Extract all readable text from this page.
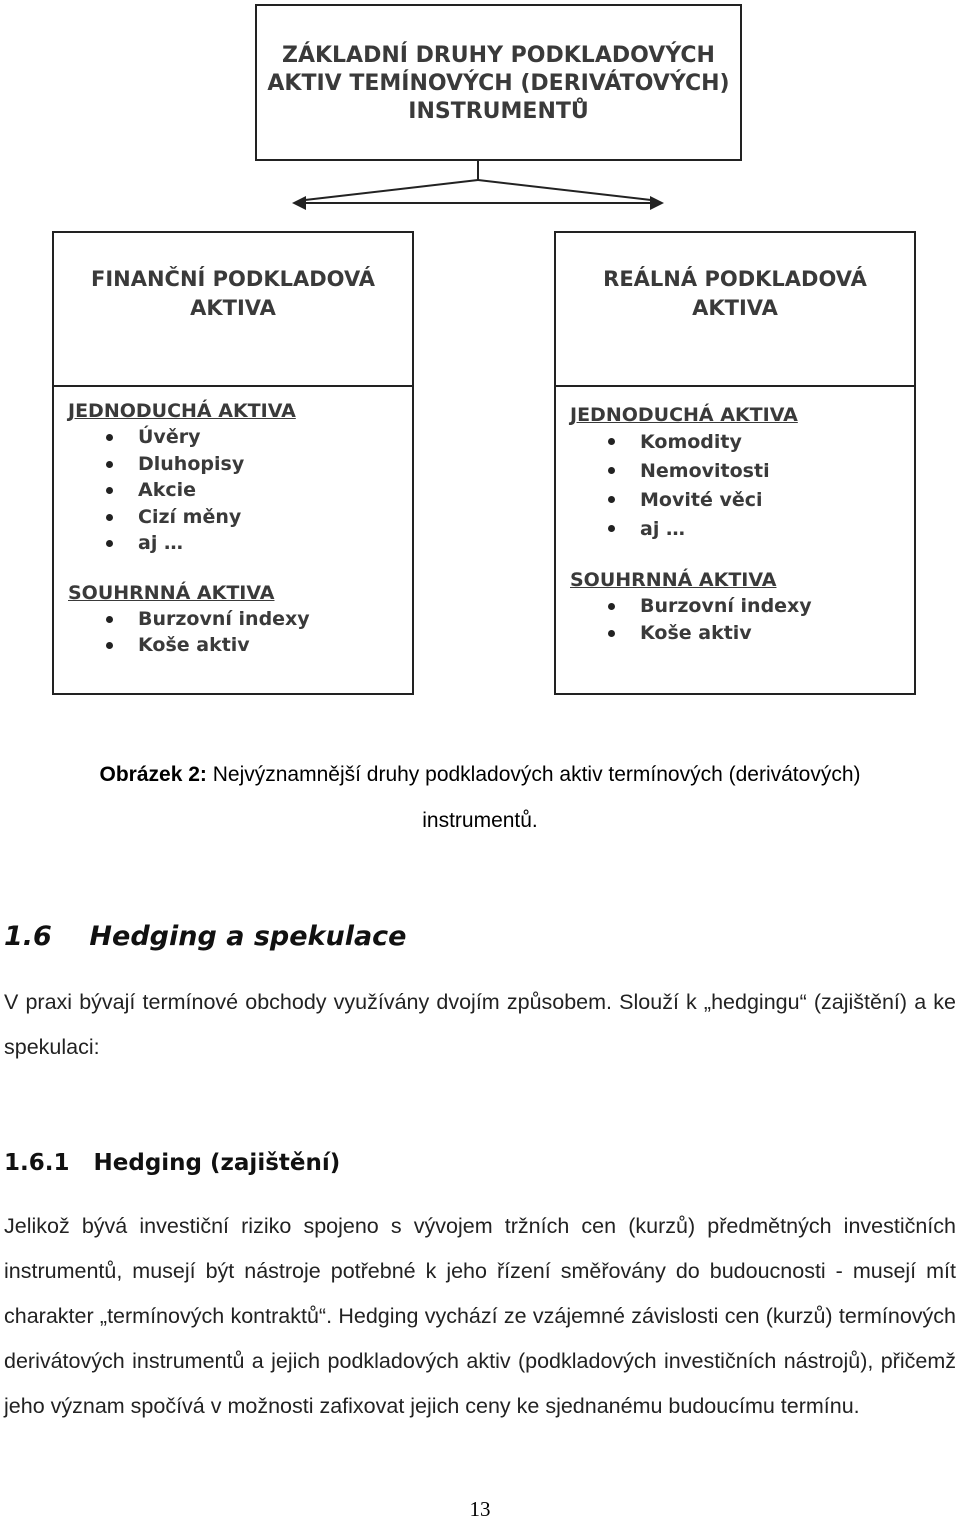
ZÁKLADNÍ DRUHY PODKLADOVÝCH
AKTIV TEMÍNOVÝCH (DERIVÁTOVÝCH)
INSTRUMENTŮ
FINANČNÍ PODKLADOVÁ
AKTIVA

JEDNODUCHÁ AKTIVA

Úvěry
Dluhopisy
Akcie
Cizí měny
aj …

SOUHRNNÁ AKTIVA

Burzovní indexy
Koše aktiv
REÁLNÁ PODKLADOVÁ
AKTIVA

JEDNODUCHÁ AKTIVA

Komodity
Nemovitosti
Movité věci
aj …

SOUHRNNÁ AKTIVA

Burzovní indexy
Koše aktiv
Obrázek 2: Nejvýznamnější druhy podkladových aktiv termínových (derivátových)
instrumentů.
1.6    Hedging a spekulace
V praxi bývají termínové obchody využívány dvojím způsobem. Slouží k „hedgingu“ (zajištění) a ke spekulaci:
1.6.1   Hedging (zajištění)
Jelikož bývá investiční riziko spojeno s vývojem tržních cen (kurzů) předmětných investičních instrumentů, musejí být nástroje potřebné k jeho řízení směřovány do budoucnosti - musejí mít charakter „termínových kontraktů“. Hedging vychází ze vzájemné závislosti cen (kurzů) termínových derivátových instrumentů a jejich podkladových aktiv (podkladových investičních nástrojů), přičemž jeho význam spočívá v možnosti zafixovat jejich ceny ke sjednanému budoucímu termínu.
13
